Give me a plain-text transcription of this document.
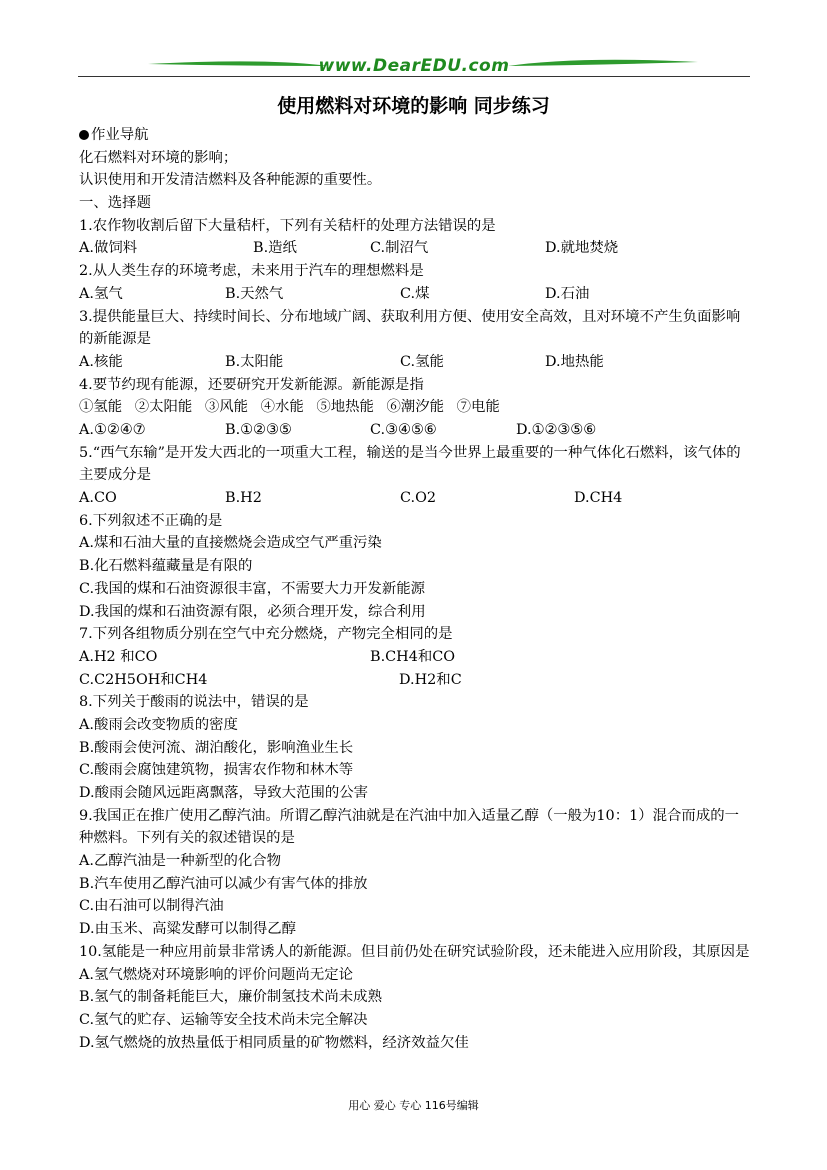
www.DearEDU.com
使用燃料对环境的影响 同步练习
作业导航
化石燃料对环境的影响；
认识使用和开发清洁燃料及各种能源的重要性。
一、选择题
1.农作物收割后留下大量秸杆，下列有关秸杆的处理方法错误的是
A.做饲料	B.造纸	C.制沼气	D.就地焚烧
2.从人类生存的环境考虑，未来用于汽车的理想燃料是
A.氢气	B.天然气	C.煤	D.石油
3.提供能量巨大、持续时间长、分布地域广阔、获取利用方便、使用安全高效，且对环境不产生负面影响的新能源是
A.核能	B.太阳能	C.氢能	D.地热能
4.要节约现有能源，还要研究开发新能源。新能源是指
①氢能 ②太阳能 ③风能 ④水能 ⑤地热能 ⑥潮汐能 ⑦电能
A.①②④⑦	B.①②③⑤	C.③④⑤⑥	D.①②③⑤⑥
5.“西气东输”是开发大西北的一项重大工程，输送的是当今世界上最重要的一种气体化石燃料，该气体的主要成分是
A.CO	B.H2	C.O2	D.CH4
6.下列叙述不正确的是
A.煤和石油大量的直接燃烧会造成空气严重污染
B.化石燃料蕴藏量是有限的
C.我国的煤和石油资源很丰富，不需要大力开发新能源
D.我国的煤和石油资源有限，必须合理开发，综合利用
7.下列各组物质分别在空气中充分燃烧，产物完全相同的是
A.H2 和CO	B.CH4和CO
C.C2H5OH和CH4	D.H2和C
8.下列关于酸雨的说法中，错误的是
A.酸雨会改变物质的密度
B.酸雨会使河流、湖泊酸化，影响渔业生长
C.酸雨会腐蚀建筑物，损害农作物和林木等
D.酸雨会随风远距离飘落，导致大范围的公害
9.我国正在推广使用乙醇汽油。所谓乙醇汽油就是在汽油中加入适量乙醇（一般为10：1）混合而成的一种燃料。下列有关的叙述错误的是
A.乙醇汽油是一种新型的化合物
B.汽车使用乙醇汽油可以减少有害气体的排放
C.由石油可以制得汽油
D.由玉米、高粱发酵可以制得乙醇
10.氢能是一种应用前景非常诱人的新能源。但目前仍处在研究试验阶段，还未能进入应用阶段，其原因是
A.氢气燃烧对环境影响的评价问题尚无定论
B.氢气的制备耗能巨大，廉价制氢技术尚未成熟
C.氢气的贮存、运输等安全技术尚未完全解决
D.氢气燃烧的放热量低于相同质量的矿物燃料，经济效益欠佳
用心 爱心 专心 116号编辑
